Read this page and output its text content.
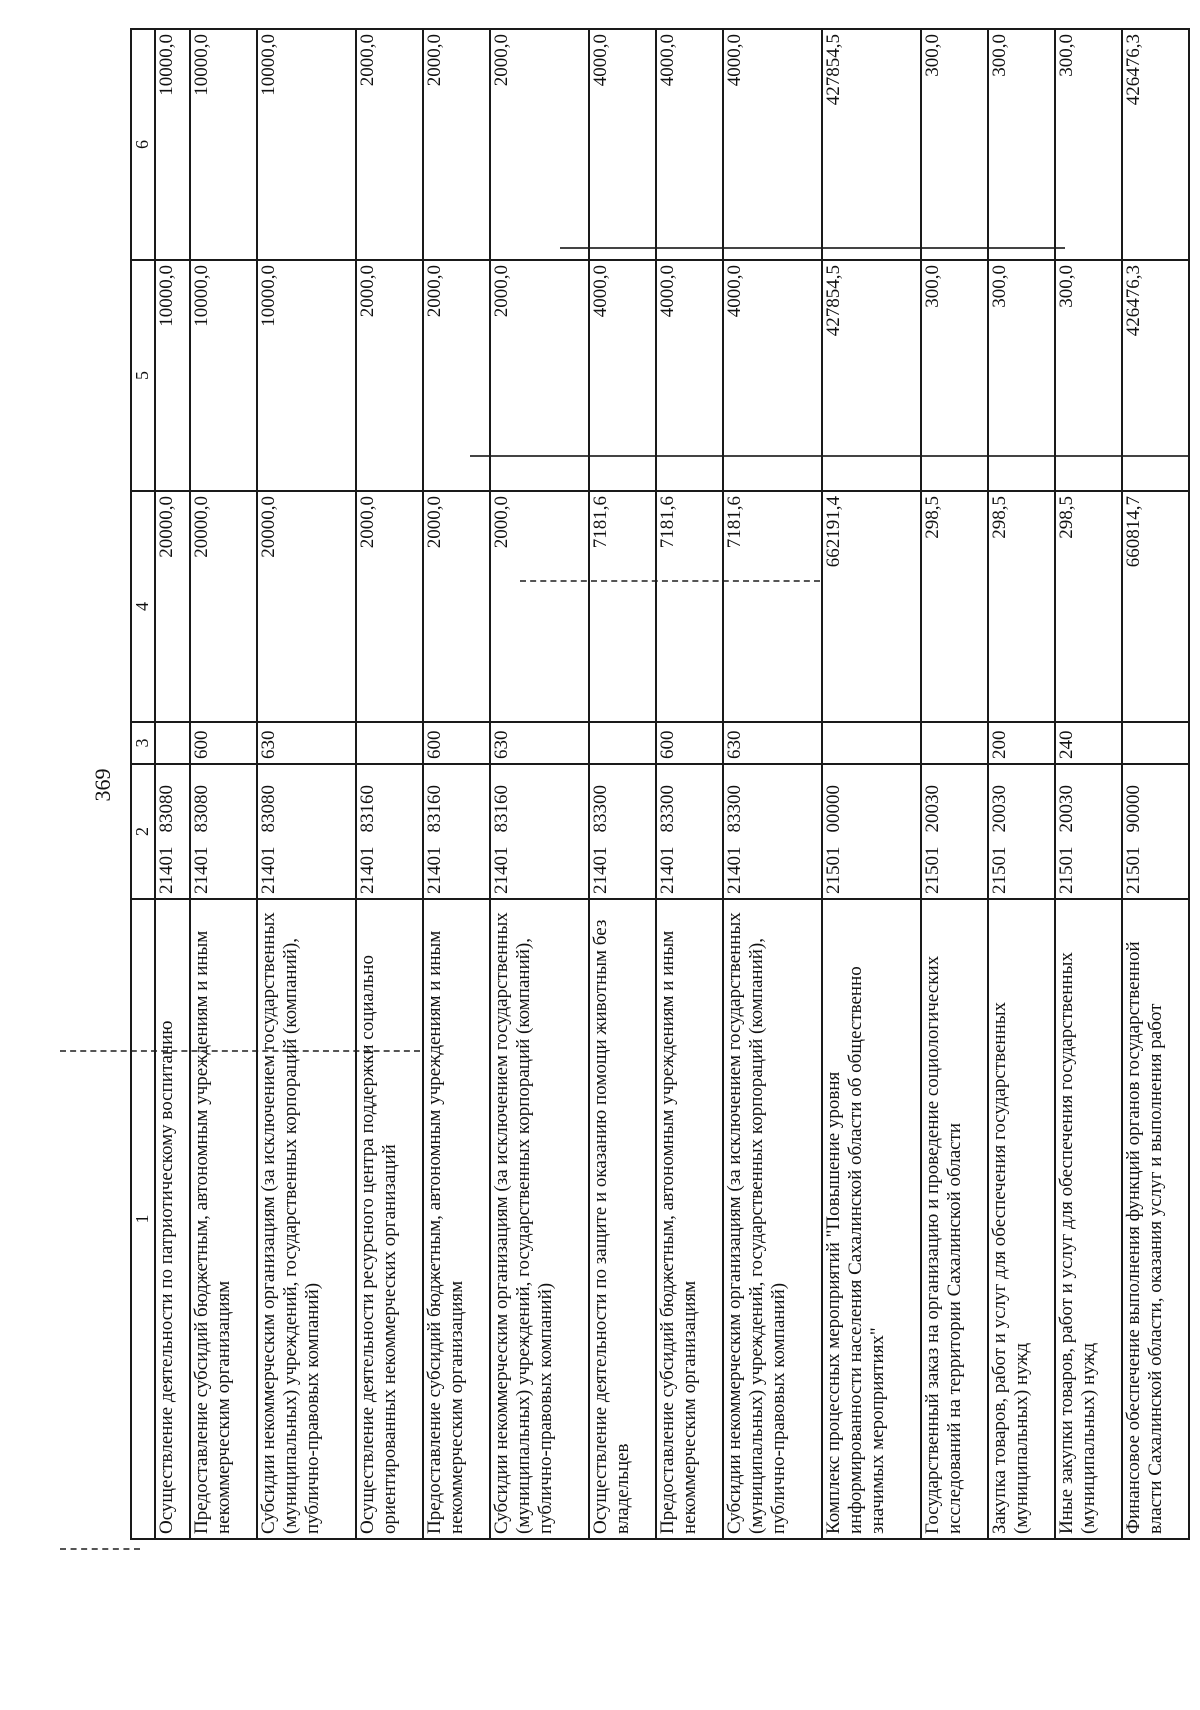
369
1	2	3	4	5	6
Осуществление деятельности по патриотическому воспитанию	2140183080		20000,0	10000,0	10000,0
Предоставление субсидий бюджетным, автономным учреждениям и иным некоммерческим организациям	2140183080	600	20000,0	10000,0	10000,0
Субсидии некоммерческим организациям (за исключением государственных (муниципальных) учреждений, государственных корпораций (компаний), публично-правовых компаний)	2140183080	630	20000,0	10000,0	10000,0
Осуществление деятельности ресурсного центра поддержки социально ориентированных некоммерческих организаций	2140183160		2000,0	2000,0	2000,0
Предоставление субсидий бюджетным, автономным учреждениям и иным некоммерческим организациям	2140183160	600	2000,0	2000,0	2000,0
Субсидии некоммерческим организациям (за исключением государственных (муниципальных) учреждений, государственных корпораций (компаний), публично-правовых компаний)	2140183160	630	2000,0	2000,0	2000,0
Осуществление деятельности по защите и оказанию помощи животным без владельцев	2140183300		7181,6	4000,0	4000,0
Предоставление субсидий бюджетным, автономным учреждениям и иным некоммерческим организациям	2140183300	600	7181,6	4000,0	4000,0
Субсидии некоммерческим организациям (за исключением государственных (муниципальных) учреждений, государственных корпораций (компаний), публично-правовых компаний)	2140183300	630	7181,6	4000,0	4000,0
Комплекс процессных мероприятий "Повышение уровня информированности населения Сахалинской области об общественно значимых мероприятиях"	2150100000		662191,4	427854,5	427854,5
Государственный заказ на организацию и проведение социологических исследований на территории Сахалинской области	2150120030		298,5	300,0	300,0
Закупка товаров, работ и услуг для обеспечения государственных (муниципальных) нужд	2150120030	200	298,5	300,0	300,0
Иные закупки товаров, работ и услуг для обеспечения государственных (муниципальных) нужд	2150120030	240	298,5	300,0	300,0
Финансовое обеспечение выполнения функций органов государственной власти Сахалинской области, оказания услуг и выполнения работ	2150190000		660814,7	426476,3	426476,3
